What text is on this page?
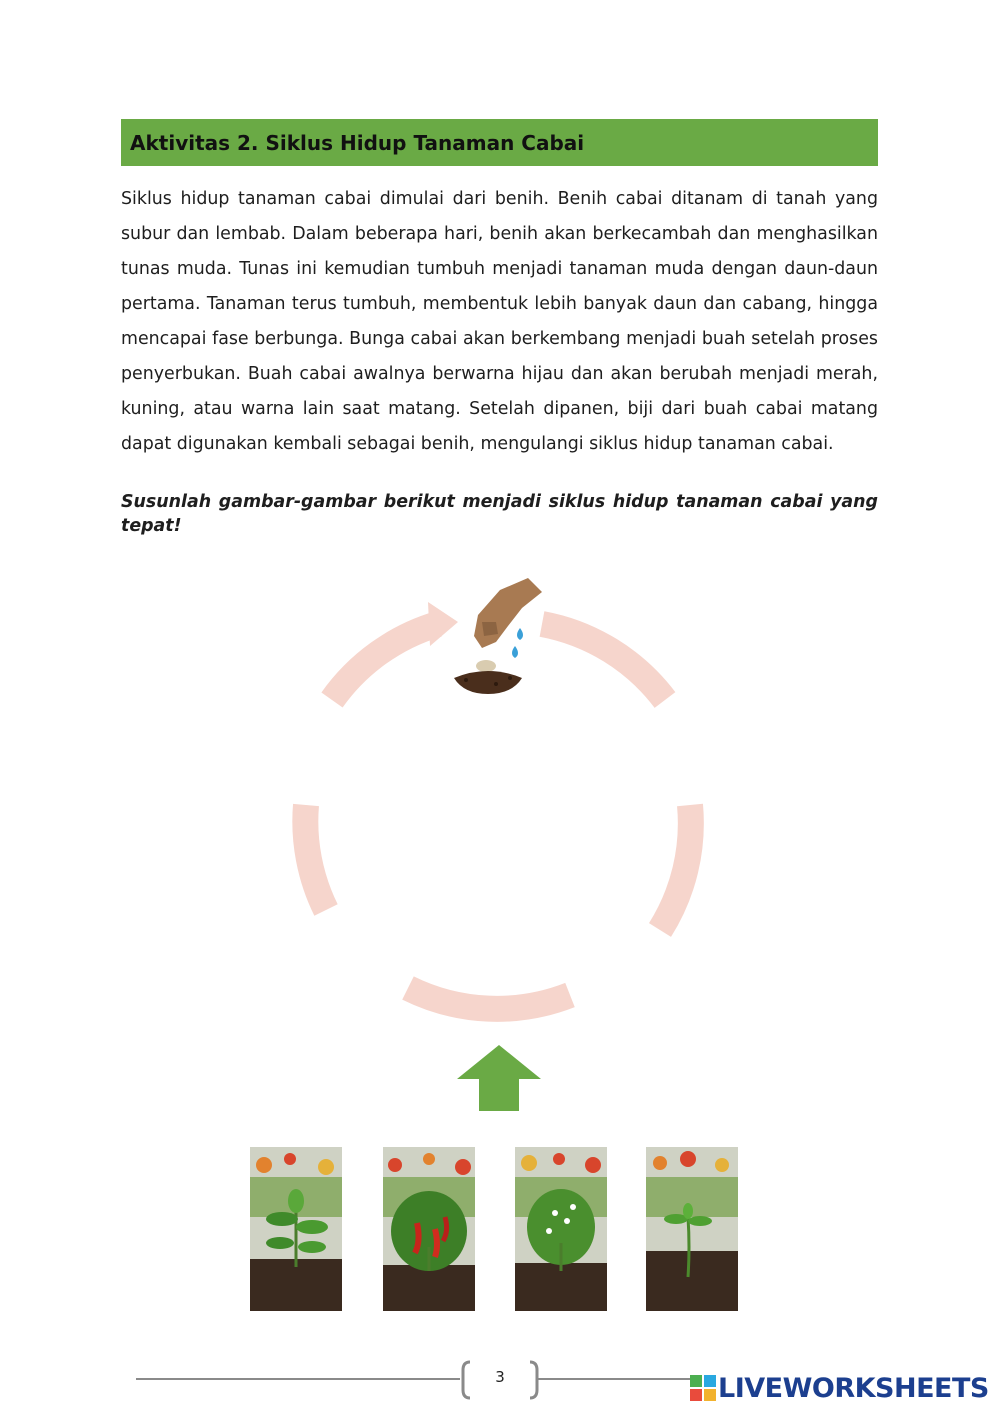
Aktivitas 2. Siklus Hidup Tanaman Cabai
Siklus hidup tanaman cabai dimulai dari benih. Benih cabai ditanam di tanah yang subur dan lembab. Dalam beberapa hari, benih akan berkecambah dan menghasilkan tunas muda. Tunas ini kemudian tumbuh menjadi tanaman muda dengan daun-daun pertama. Tanaman terus tumbuh, membentuk lebih banyak daun dan cabang, hingga mencapai fase berbunga. Bunga cabai akan berkembang menjadi buah setelah proses penyerbukan. Buah cabai awalnya berwarna hijau dan akan berubah menjadi merah, kuning, atau warna lain saat matang. Setelah dipanen, biji dari buah cabai matang dapat digunakan kembali sebagai benih, mengulangi siklus hidup tanaman cabai.
Susunlah gambar-gambar berikut menjadi siklus hidup tanaman cabai yang tepat!
3	LIVEWORKSHEETS
